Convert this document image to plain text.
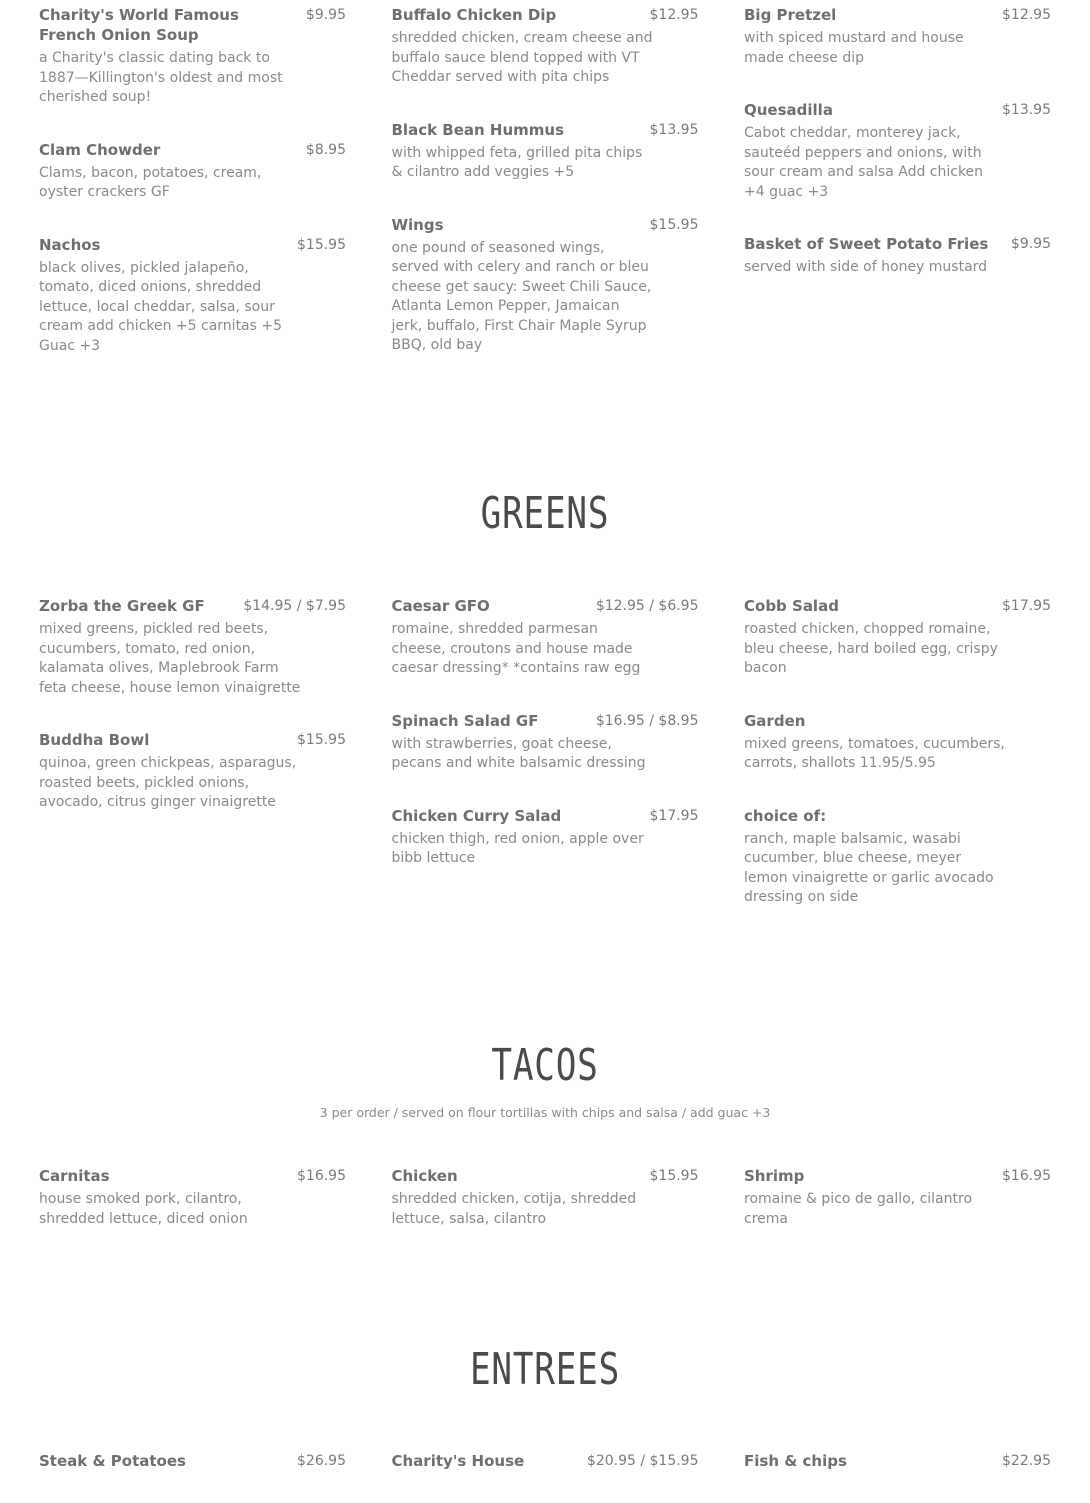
Charity's World Famous French Onion Soup
$9.95
a Charity's classic dating back to 1887—Killington's oldest and most cherished soup!
Clam Chowder	$8.95
Clams, bacon, potatoes, cream, oyster crackers GF
Nachos	$15.95
black olives, pickled jalapeño, tomato, diced onions, shredded lettuce, local cheddar, salsa, sour cream add chicken +5 carnitas +5 Guac +3
Buffalo Chicken Dip	$12.95
shredded chicken, cream cheese and buffalo sauce blend topped with VT Cheddar served with pita chips
Black Bean Hummus	$13.95
with whipped feta, grilled pita chips & cilantro add veggies +5
Wings	$15.95
one pound of seasoned wings, served with celery and ranch or bleu cheese get saucy: Sweet Chili Sauce, Atlanta Lemon Pepper, Jamaican jerk, buffalo, First Chair Maple Syrup BBQ, old bay
Big Pretzel	$12.95
with spiced mustard and house made cheese dip
Quesadilla	$13.95
Cabot cheddar, monterey jack, sauteéd peppers and onions, with sour cream and salsa Add chicken +4 guac +3
Basket of Sweet Potato Fries	$9.95
served with side of honey mustard
GREENS
Zorba the Greek GF	$14.95 / $7.95
mixed greens, pickled red beets, cucumbers, tomato, red onion, kalamata olives, Maplebrook Farm feta cheese, house lemon vinaigrette
Buddha Bowl	$15.95
quinoa, green chickpeas, asparagus, roasted beets, pickled onions, avocado, citrus ginger vinaigrette
Caesar GFO	$12.95 / $6.95
romaine, shredded parmesan cheese, croutons and house made caesar dressing* *contains raw egg
Spinach Salad GF	$16.95 / $8.95
with strawberries, goat cheese, pecans and white balsamic dressing
Chicken Curry Salad	$17.95
chicken thigh, red onion, apple over bibb lettuce
Cobb Salad	$17.95
roasted chicken, chopped romaine, bleu cheese, hard boiled egg, crispy bacon
Garden
mixed greens, tomatoes, cucumbers, carrots, shallots 11.95/5.95
choice of:
ranch, maple balsamic, wasabi cucumber, blue cheese, meyer lemon vinaigrette or garlic avocado dressing on side
TACOS
3 per order / served on flour tortillas with chips and salsa / add guac +3
Carnitas	$16.95
house smoked pork, cilantro, shredded lettuce, diced onion
Chicken	$15.95
shredded chicken, cotija, shredded lettuce, salsa, cilantro
Shrimp	$16.95
romaine & pico de gallo, cilantro crema
ENTREES
Steak & Potatoes	$26.95	Charity's House	$20.95 / $15.95	Fish & chips	$22.95
